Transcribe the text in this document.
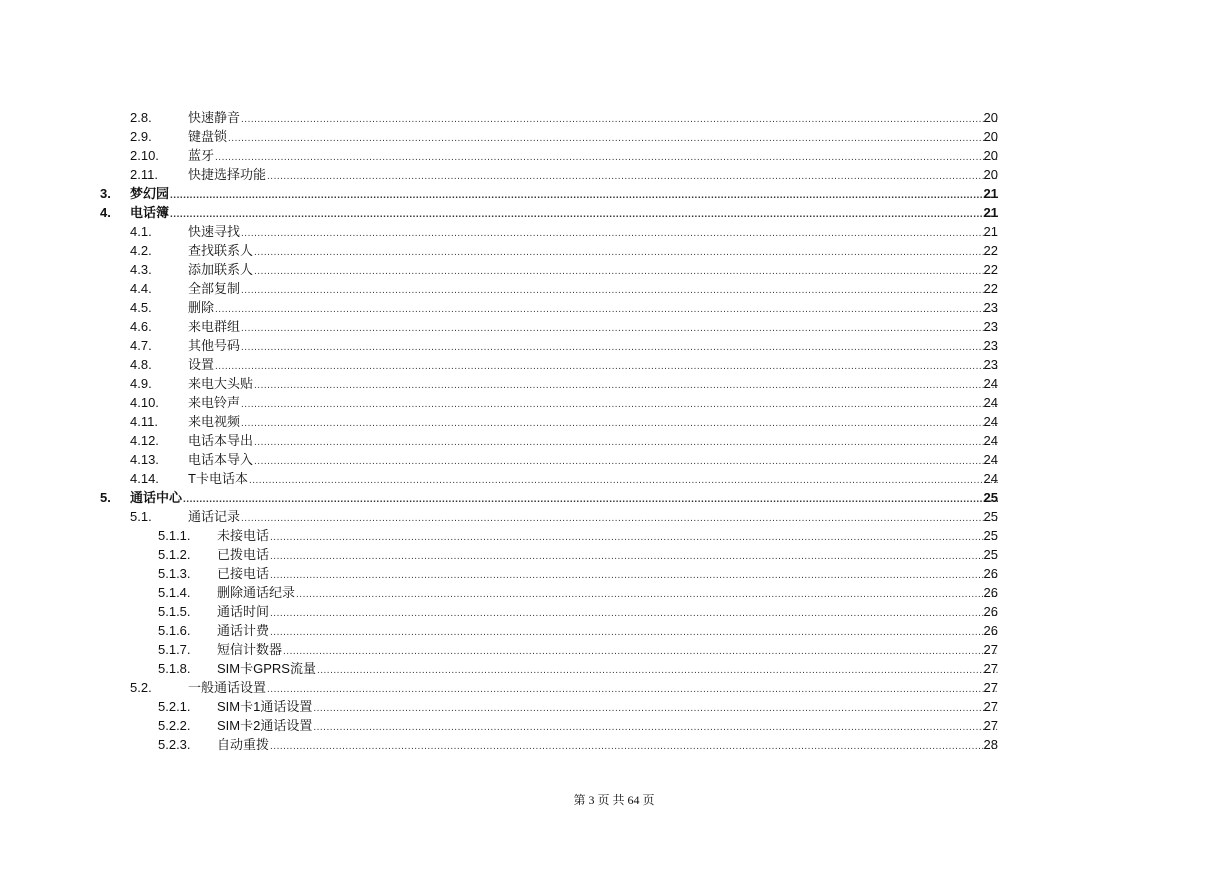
2.8.	快速静音 .....	20
2.9.	键盘锁 .....	20
2.10. 蓝牙 .....	20
2.11. 快捷选择功能 .....	20
3. 梦幻园 .....	21
4. 电话簿 .....	21
4.1.	快速寻找 .....	21
4.2.	查找联系人 .....	22
4.3.	添加联系人 .....	22
4.4.	全部复制 .....	22
4.5.	删除 .....	23
4.6.	来电群组 .....	23
4.7.	其他号码 .....	23
4.8.	设置 .....	23
4.9.	来电大头贴 .....	24
4.10. 来电铃声 .....	24
4.11. 来电视频 .....	24
4.12. 电话本导出 .....	24
4.13. 电话本导入 .....	24
4.14. T卡电话本 .....	24
5. 通话中心 .....	25
5.1.	通话记录 .....	25
5.1.1. 未接电话 .....	25
5.1.2. 已拨电话 .....	25
5.1.3. 已接电话 .....	26
5.1.4. 删除通话纪录 .....	26
5.1.5. 通话时间 .....	26
5.1.6. 通话计费 .....	26
5.1.7. 短信计数器 .....	27
5.1.8. SIM卡GPRS流量 .....	27
5.2.	一般通话设置 .....	27
5.2.1. SIM卡1通话设置 .....	27
5.2.2. SIM卡2通话设置 .....	27
5.2.3. 自动重拨 .....	28
第 3 页 共 64 页
